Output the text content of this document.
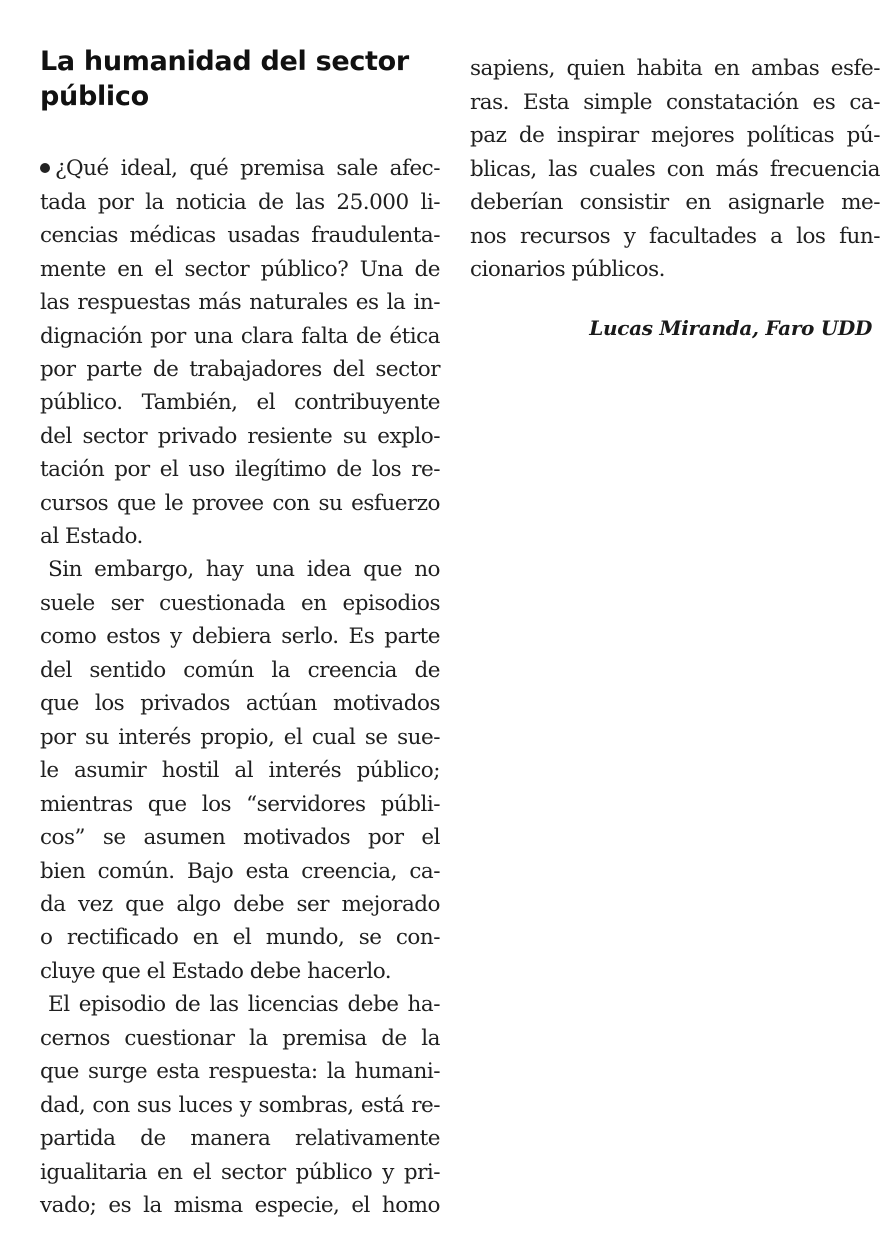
La humanidad del sector público
¿Qué ideal, qué premisa sale afec-
tada por la noticia de las 25.000 li-
cencias médicas usadas fraudulenta-
mente en el sector público? Una de
las respuestas más naturales es la in-
dignación por una clara falta de ética
por parte de trabajadores del sector
público. También, el contribuyente
del sector privado resiente su explo-
tación por el uso ilegítimo de los re-
cursos que le provee con su esfuerzo
al Estado.
Sin embargo, hay una idea que no
suele ser cuestionada en episodios
como estos y debiera serlo. Es parte
del sentido común la creencia de
que los privados actúan motivados
por su interés propio, el cual se sue-
le asumir hostil al interés público;
mientras que los “servidores públi-
cos” se asumen motivados por el
bien común. Bajo esta creencia, ca-
da vez que algo debe ser mejorado
o rectificado en el mundo, se con-
cluye que el Estado debe hacerlo.
El episodio de las licencias debe ha-
cernos cuestionar la premisa de la
que surge esta respuesta: la humani-
dad, con sus luces y sombras, está re-
partida de manera relativamente
igualitaria en el sector público y pri-
vado; es la misma especie, el homo
sapiens, quien habita en ambas esfe-
ras. Esta simple constatación es ca-
paz de inspirar mejores políticas pú-
blicas, las cuales con más frecuencia
deberían consistir en asignarle me-
nos recursos y facultades a los fun-
cionarios públicos.
Lucas Miranda, Faro UDD
